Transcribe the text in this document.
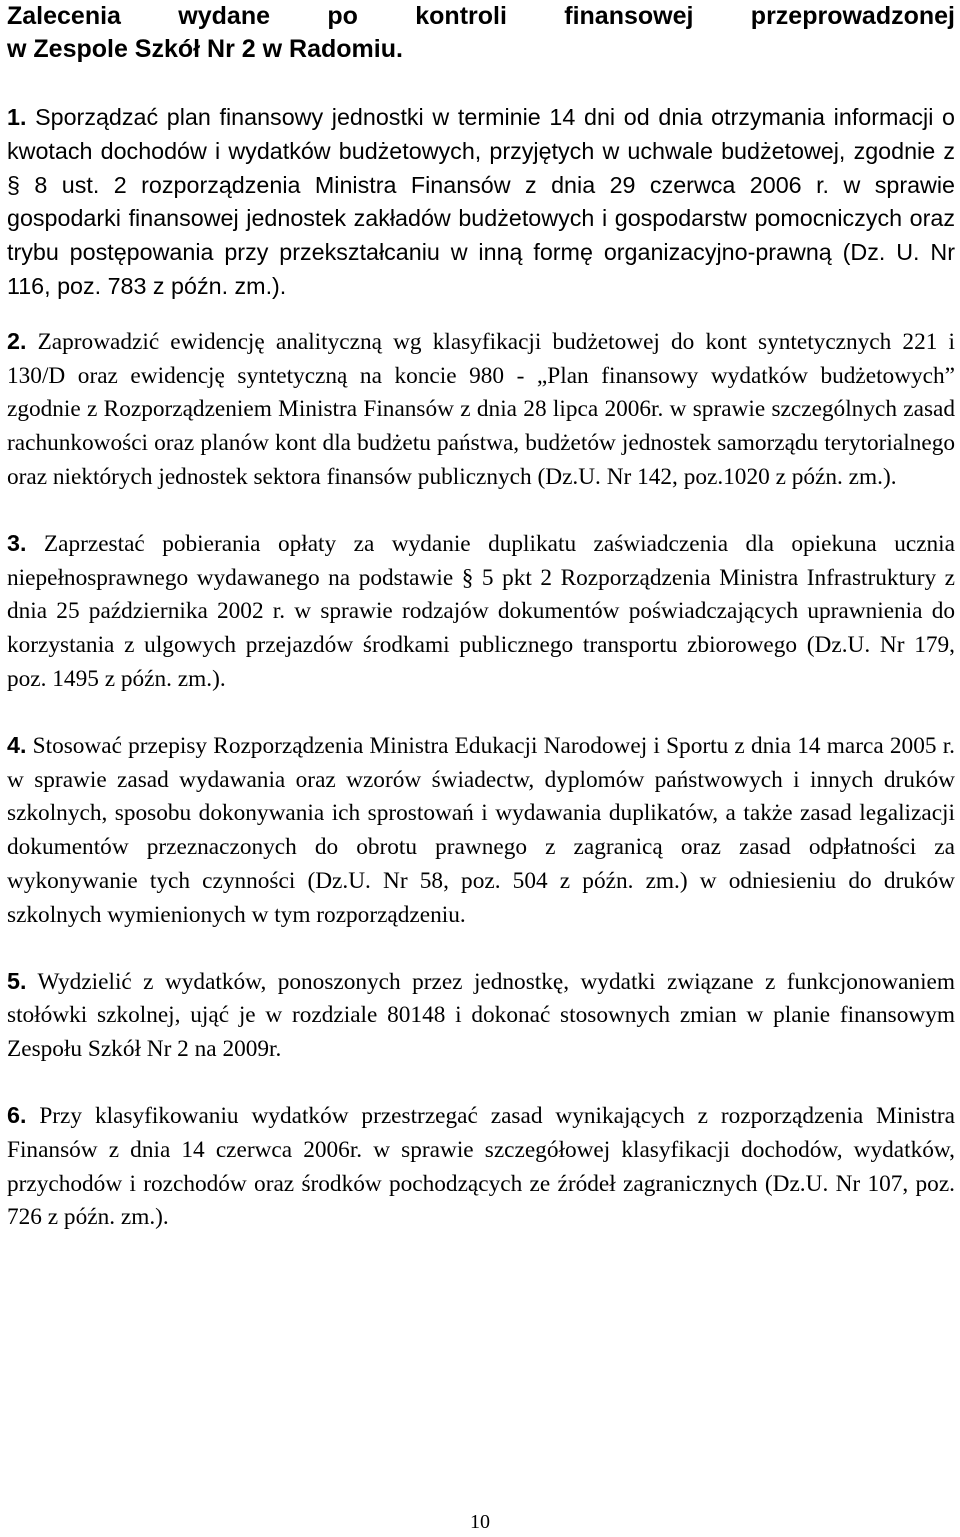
Zalecenia wydane po kontroli finansowej przeprowadzonej
w Zespole Szkół Nr 2 w Radomiu.

1. Sporządzać plan finansowy jednostki w terminie 14 dni od dnia otrzymania informacji o kwotach dochodów i wydatków budżetowych, przyjętych w uchwale budżetowej, zgodnie z § 8 ust. 2 rozporządzenia Ministra Finansów z dnia 29 czerwca 2006 r. w sprawie gospodarki finansowej jednostek zakładów budżetowych i gospodarstw pomocniczych oraz trybu postępowania przy przekształcaniu w inną formę organizacyjno-prawną (Dz. U. Nr 116, poz. 783 z późn. zm.).

2. Zaprowadzić ewidencję analityczną wg klasyfikacji budżetowej do kont syntetycznych 221 i 130/D oraz ewidencję syntetyczną na koncie 980 - „Plan finansowy wydatków budżetowych” zgodnie z Rozporządzeniem Ministra Finansów z dnia 28 lipca 2006r. w sprawie szczególnych zasad rachunkowości oraz planów kont dla budżetu państwa, budżetów jednostek samorządu terytorialnego oraz niektórych jednostek sektora finansów publicznych (Dz.U. Nr 142, poz.1020 z późn. zm.).

3. Zaprzestać pobierania opłaty za wydanie duplikatu zaświadczenia dla opiekuna ucznia niepełnosprawnego wydawanego na podstawie § 5 pkt 2 Rozporządzenia Ministra Infrastruktury z dnia 25 października 2002 r. w sprawie rodzajów dokumentów poświadczających uprawnienia do korzystania z ulgowych przejazdów środkami publicznego transportu zbiorowego (Dz.U. Nr 179, poz. 1495 z późn. zm.).

4. Stosować przepisy Rozporządzenia Ministra Edukacji Narodowej i Sportu z dnia 14 marca 2005 r. w sprawie zasad wydawania oraz wzorów świadectw, dyplomów państwowych i innych druków szkolnych, sposobu dokonywania ich sprostowań i wydawania duplikatów, a także zasad legalizacji dokumentów przeznaczonych do obrotu prawnego z zagranicą oraz zasad odpłatności za wykonywanie tych czynności (Dz.U. Nr 58, poz. 504 z późn. zm.) w odniesieniu do druków szkolnych wymienionych w tym rozporządzeniu.

5. Wydzielić z wydatków, ponoszonych przez jednostkę, wydatki związane z funkcjonowaniem stołówki szkolnej, ująć je w rozdziale 80148 i dokonać stosownych zmian w planie finansowym Zespołu Szkół Nr 2 na 2009r.

6. Przy klasyfikowaniu wydatków przestrzegać zasad wynikających z rozporządzenia Ministra Finansów z dnia 14 czerwca 2006r. w sprawie szczegółowej klasyfikacji dochodów, wydatków, przychodów i rozchodów oraz środków pochodzących ze źródeł zagranicznych (Dz.U. Nr 107, poz. 726 z późn. zm.).

10
